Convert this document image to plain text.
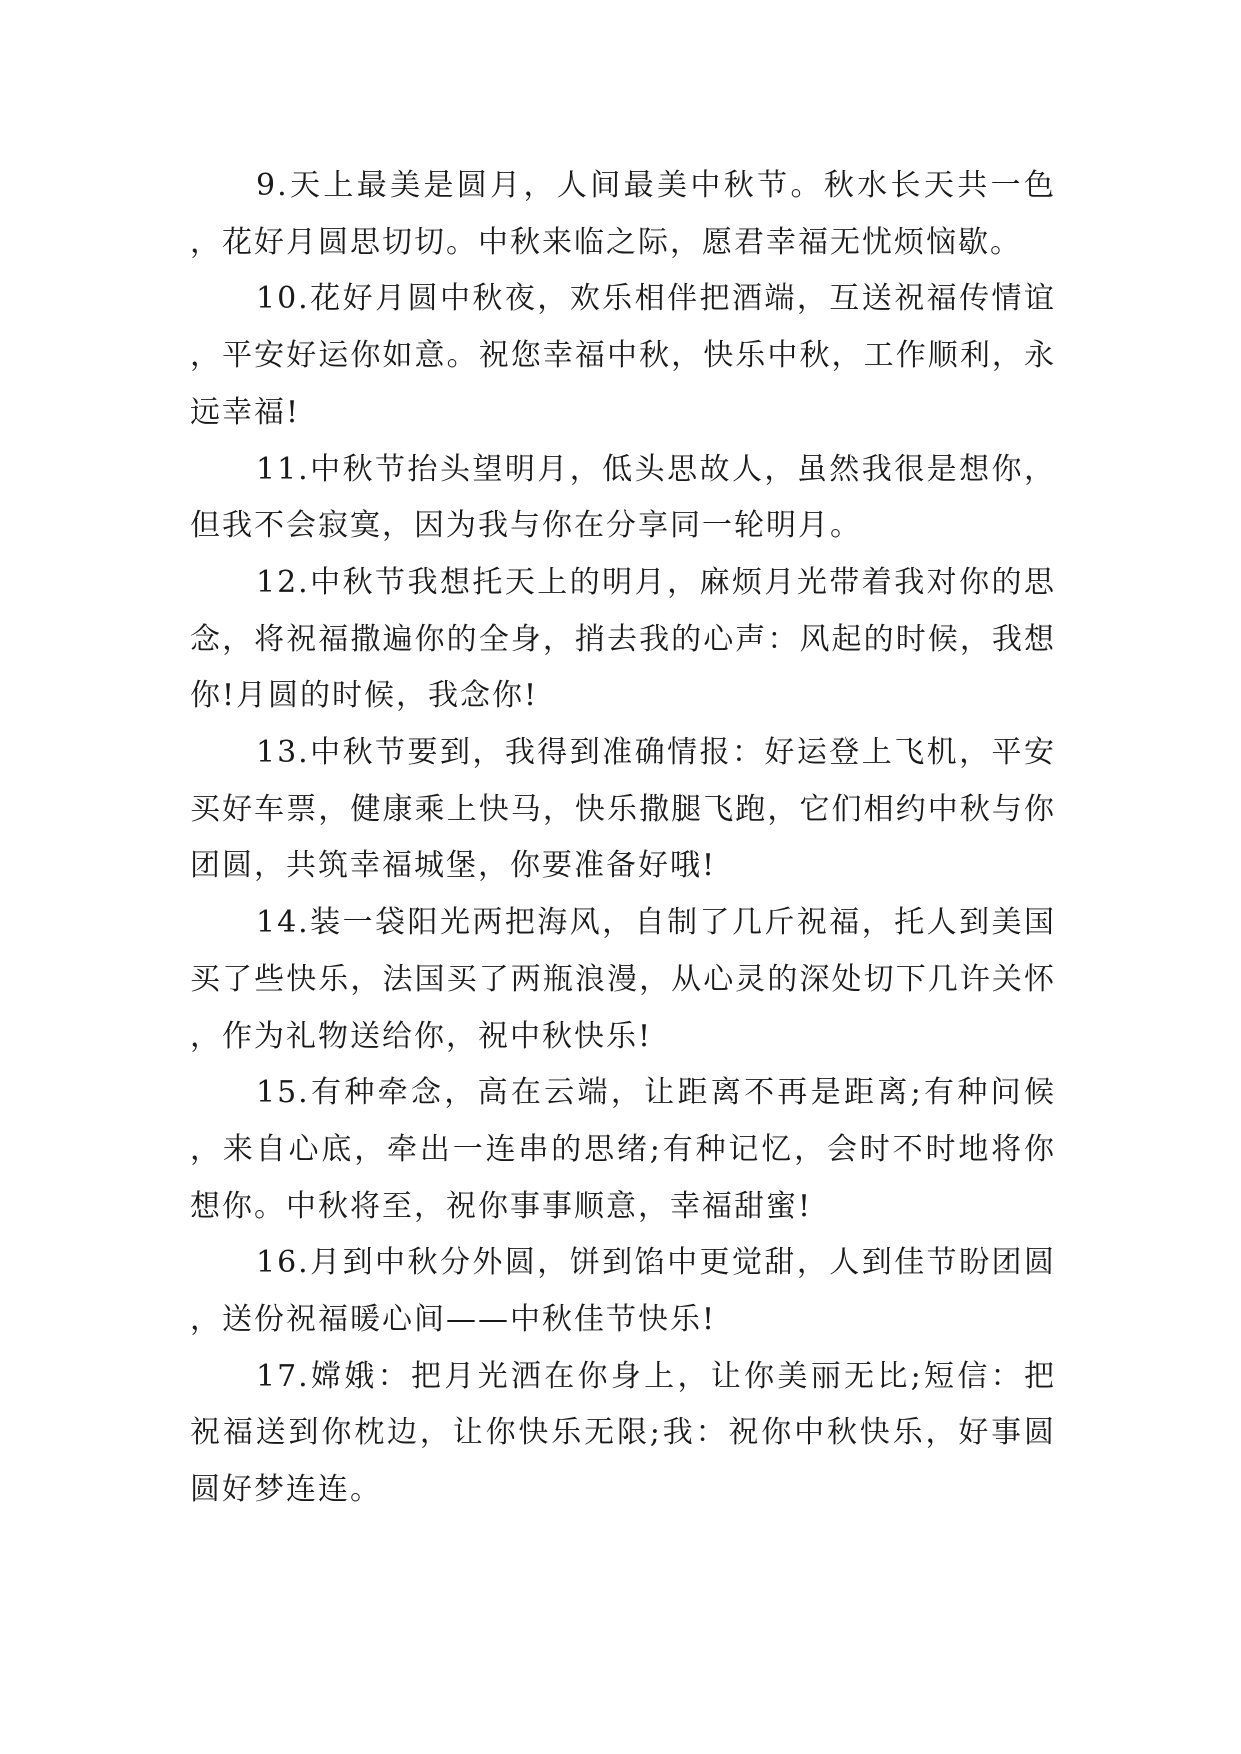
9.天上最美是圆月，人间最美中秋节。秋水长天共一色，花好月圆思切切。中秋来临之际，愿君幸福无忧烦恼歇。

10.花好月圆中秋夜，欢乐相伴把酒端，互送祝福传情谊，平安好运你如意。祝您幸福中秋，快乐中秋，工作顺利，永远幸福!

11.中秋节抬头望明月，低头思故人，虽然我很是想你，但我不会寂寞，因为我与你在分享同一轮明月。

12.中秋节我想托天上的明月，麻烦月光带着我对你的思念，将祝福撒遍你的全身，捎去我的心声：风起的时候，我想你!月圆的时候，我念你!

13.中秋节要到，我得到准确情报：好运登上飞机，平安买好车票，健康乘上快马，快乐撒腿飞跑，它们相约中秋与你团圆，共筑幸福城堡，你要准备好哦!

14.装一袋阳光两把海风，自制了几斤祝福，托人到美国买了些快乐，法国买了两瓶浪漫，从心灵的深处切下几许关怀，作为礼物送给你，祝中秋快乐!

15.有种牵念，高在云端，让距离不再是距离;有种问候，来自心底，牵出一连串的思绪;有种记忆，会时不时地将你想你。中秋将至，祝你事事顺意，幸福甜蜜!

16.月到中秋分外圆，饼到馅中更觉甜，人到佳节盼团圆，送份祝福暖心间——中秋佳节快乐!

17.嫦娥：把月光洒在你身上，让你美丽无比;短信：把祝福送到你枕边，让你快乐无限;我：祝你中秋快乐，好事圆圆好梦连连。
